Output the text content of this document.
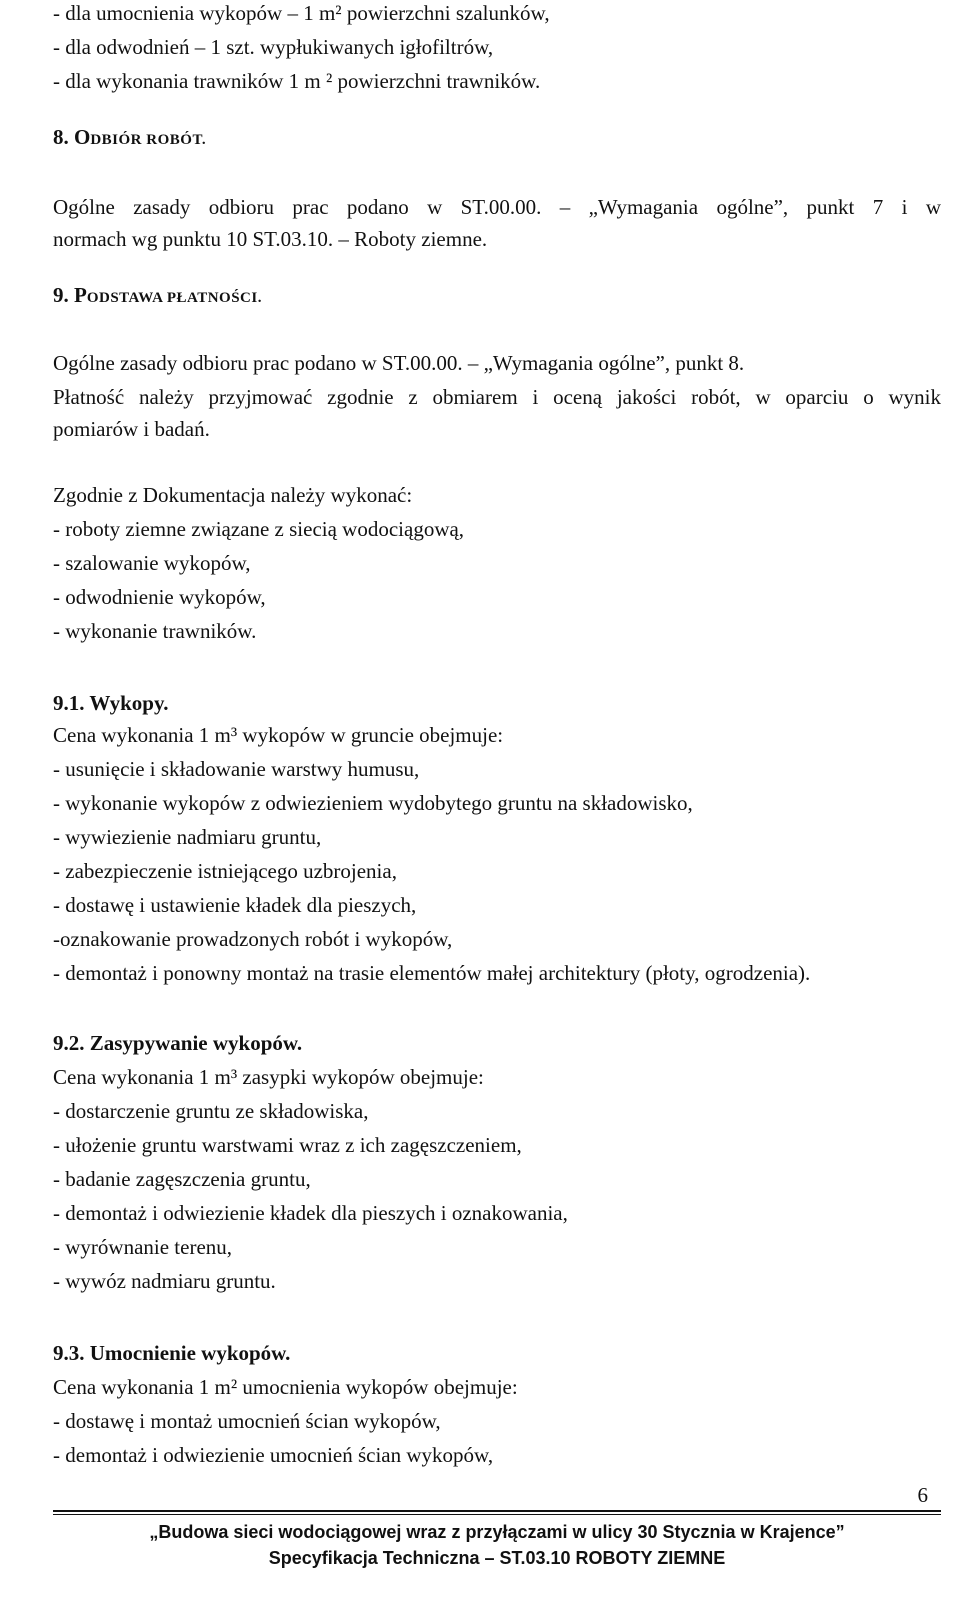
- dla umocnienia wykopów – 1 m² powierzchni szalunków,
- dla odwodnień – 1 szt. wypłukiwanych igłofiltrów,
- dla wykonania trawników 1 m ² powierzchni trawników.
8. ODBIÓR ROBÓT.
Ogólne zasady odbioru prac podano w ST.00.00. – „Wymagania ogólne”, punkt 7 i w
normach wg punktu 10 ST.03.10. – Roboty ziemne.
9. PODSTAWA PŁATNOŚCI.
Ogólne zasady odbioru prac podano w ST.00.00. – „Wymagania ogólne”, punkt 8.
Płatność należy przyjmować zgodnie z obmiarem i oceną jakości robót, w oparciu o wynik
pomiarów i badań.
Zgodnie z Dokumentacja należy wykonać:
- roboty ziemne związane z siecią wodociągową,
- szalowanie wykopów,
- odwodnienie wykopów,
- wykonanie trawników.
9.1. Wykopy.
Cena wykonania 1 m³ wykopów w gruncie obejmuje:
- usunięcie i składowanie warstwy humusu,
- wykonanie wykopów z odwiezieniem wydobytego gruntu na składowisko,
- wywiezienie nadmiaru gruntu,
- zabezpieczenie istniejącego uzbrojenia,
- dostawę i ustawienie kładek dla pieszych,
-oznakowanie prowadzonych robót i wykopów,
- demontaż i ponowny montaż na trasie elementów małej architektury (płoty, ogrodzenia).
9.2. Zasypywanie wykopów.
Cena wykonania 1 m³ zasypki wykopów obejmuje:
- dostarczenie gruntu ze składowiska,
- ułożenie gruntu warstwami wraz z ich zagęszczeniem,
- badanie zagęszczenia gruntu,
- demontaż i odwiezienie kładek dla pieszych i oznakowania,
- wyrównanie terenu,
- wywóz nadmiaru gruntu.
9.3. Umocnienie wykopów.
Cena wykonania 1 m² umocnienia wykopów obejmuje:
- dostawę i montaż umocnień ścian wykopów,
- demontaż i odwiezienie umocnień ścian wykopów,
6
„Budowa sieci wodociągowej wraz z przyłączami w ulicy 30 Stycznia w Krajence”
Specyfikacja Techniczna – ST.03.10 ROBOTY ZIEMNE
